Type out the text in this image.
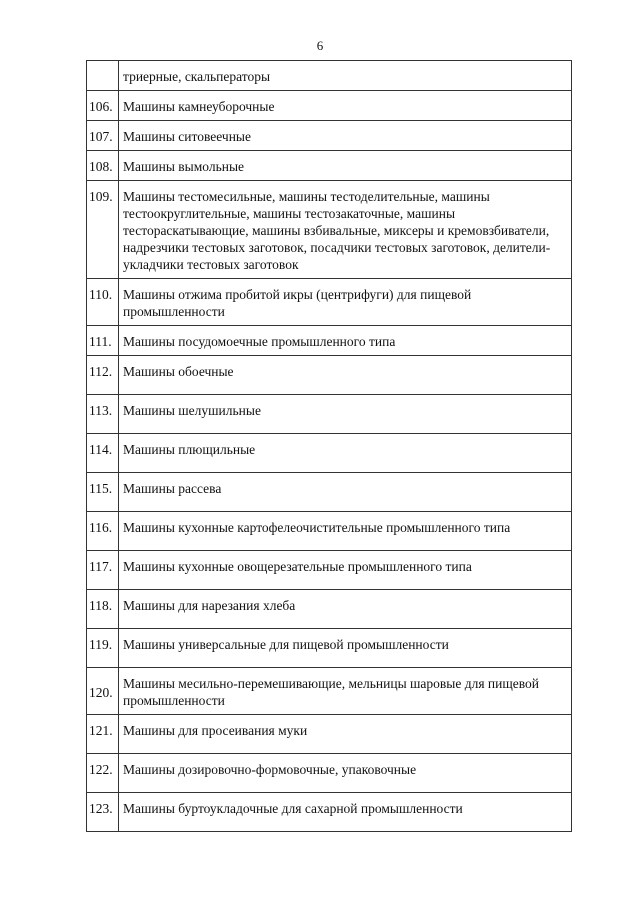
6
	триерные, скальператоры
106.	Машины камнеуборочные
107.	Машины ситовеечные
108.	Машины вымольные
109.	Машины тестомесильные, машины тестоделительные, машины тестоокруглительные, машины тестозакаточные, машины тестораскатывающие, машины взбивальные, миксеры и кремовзбиватели, надрезчики тестовых заготовок, посадчики тестовых заготовок, делители-укладчики тестовых заготовок
110.	Машины отжима пробитой икры (центрифуги) для пищевой промышленности
111.	Машины посудомоечные промышленного типа
112.	Машины обоечные
113.	Машины шелушильные
114.	Машины плющильные
115.	Машины рассева
116.	Машины кухонные картофелеочистительные промышленного типа
117.	Машины кухонные овощерезательные промышленного типа
118.	Машины для нарезания хлеба
119.	Машины универсальные для пищевой промышленности
120.	Машины месильно-перемешивающие, мельницы шаровые для пищевой промышленности
121.	Машины для просеивания муки
122.	Машины дозировочно-формовочные, упаковочные
123.	Машины буртоукладочные для сахарной промышленности
